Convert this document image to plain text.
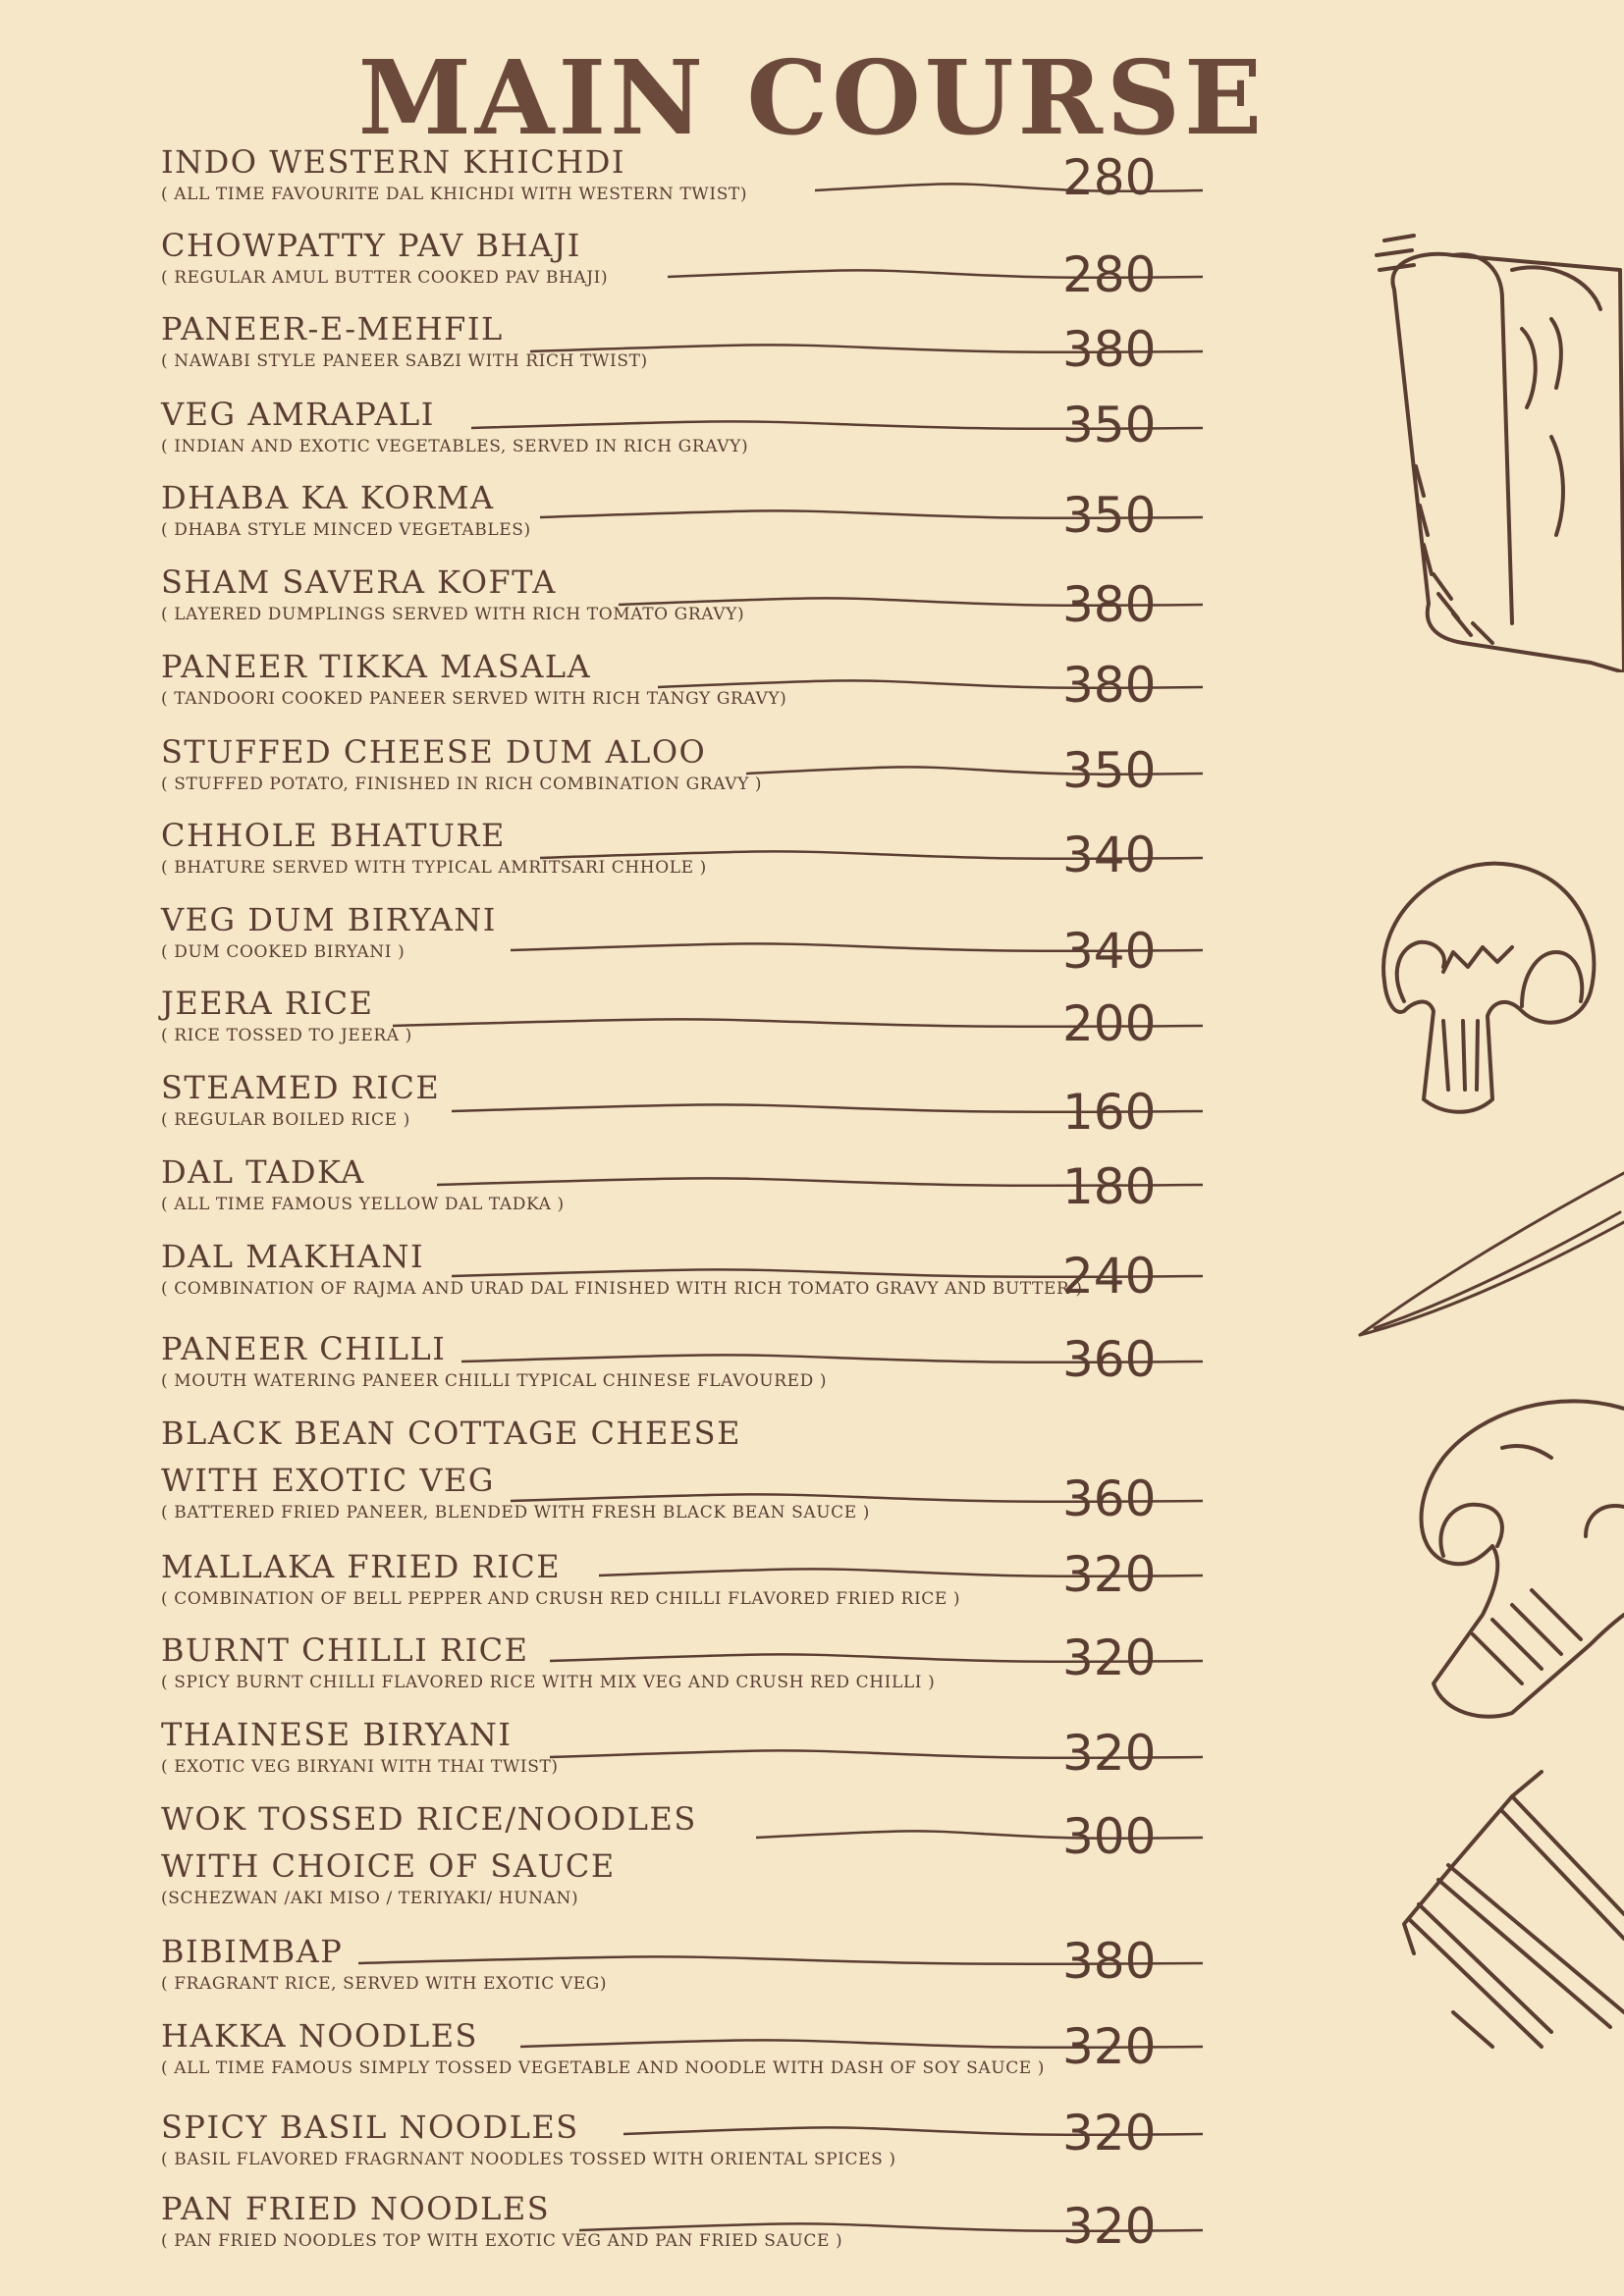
MAIN COURSE
INDO WESTERN KHICHDI
( ALL TIME FAVOURITE DAL KHICHDI WITH WESTERN TWIST)	280
CHOWPATTY PAV BHAJI
( REGULAR AMUL BUTTER COOKED PAV BHAJI)	280
PANEER-E-MEHFIL
( NAWABI STYLE PANEER SABZI WITH RICH TWIST)	380
VEG AMRAPALI
( INDIAN AND EXOTIC VEGETABLES, SERVED IN RICH GRAVY)	350
DHABA KA KORMA
( DHABA STYLE MINCED VEGETABLES)	350
SHAM SAVERA KOFTA
( LAYERED DUMPLINGS SERVED WITH RICH TOMATO GRAVY)	380
PANEER TIKKA MASALA
( TANDOORI COOKED PANEER SERVED WITH RICH TANGY GRAVY)	380
STUFFED CHEESE DUM ALOO
( STUFFED POTATO, FINISHED IN RICH COMBINATION GRAVY )	350
CHHOLE BHATURE
( BHATURE SERVED WITH TYPICAL AMRITSARI CHHOLE )	340
VEG DUM BIRYANI
( DUM COOKED BIRYANI )	340
JEERA RICE
( RICE TOSSED TO JEERA )	200
STEAMED RICE
( REGULAR BOILED RICE )	160
DAL TADKA
( ALL TIME FAMOUS YELLOW DAL TADKA )	180
DAL MAKHANI
( COMBINATION OF RAJMA AND URAD DAL FINISHED WITH RICH TOMATO GRAVY AND BUTTER )
240
PANEER CHILLI
( MOUTH WATERING PANEER CHILLI TYPICAL CHINESE FLAVOURED )	360
BLACK BEAN COTTAGE CHEESE
WITH EXOTIC VEG
( BATTERED FRIED PANEER, BLENDED WITH FRESH BLACK BEAN SAUCE )	360
MALLAKA FRIED RICE
( COMBINATION OF BELL PEPPER AND CRUSH RED CHILLI FLAVORED FRIED RICE )	320
BURNT CHILLI RICE
( SPICY BURNT CHILLI FLAVORED RICE WITH MIX VEG AND CRUSH RED CHILLI )	320
THAINESE BIRYANI
( EXOTIC VEG BIRYANI WITH THAI TWIST)	320
WOK TOSSED RICE/NOODLES
WITH CHOICE OF SAUCE
(SCHEZWAN /AKI MISO / TERIYAKI/ HUNAN)
300
BIBIMBAP
( FRAGRANT RICE, SERVED WITH EXOTIC VEG)	380
HAKKA NOODLES
( ALL TIME FAMOUS SIMPLY TOSSED VEGETABLE AND NOODLE WITH DASH OF SOY SAUCE ) 320
SPICY BASIL NOODLES
( BASIL FLAVORED FRAGRNANT NOODLES TOSSED WITH ORIENTAL SPICES )	320
PAN FRIED NOODLES
( PAN FRIED NOODLES TOP WITH EXOTIC VEG AND PAN FRIED SAUCE )	320
